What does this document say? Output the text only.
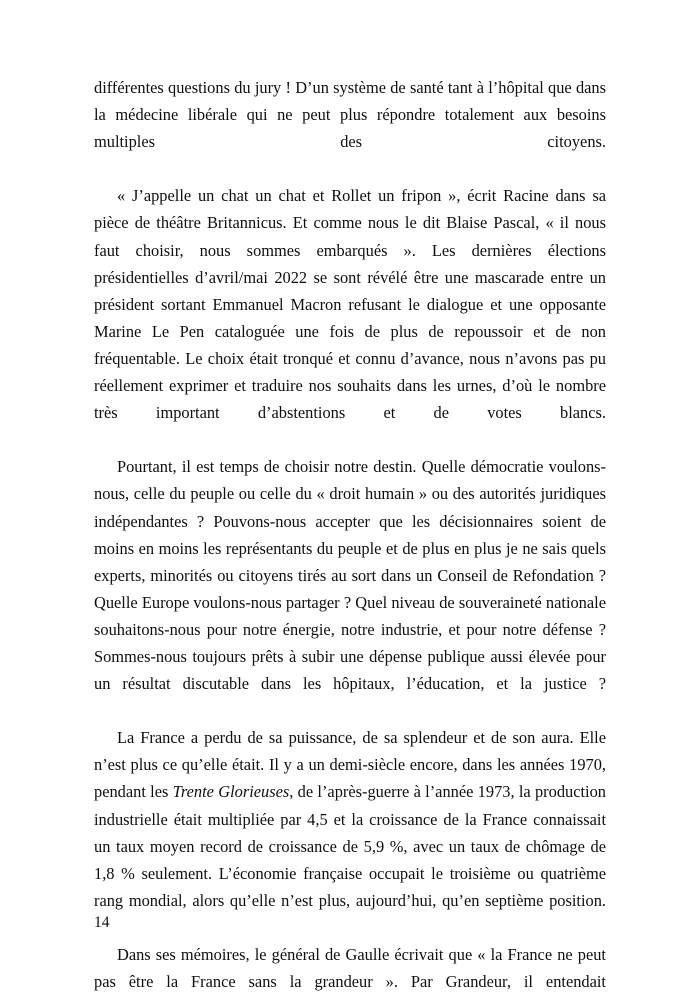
différentes questions du jury ! D’un système de santé tant à l’hôpital que dans la médecine libérale qui ne peut plus répondre totalement aux besoins multiples des citoyens.

« J’appelle un chat un chat et Rollet un fripon », écrit Racine dans sa pièce de théâtre Britannicus. Et comme nous le dit Blaise Pascal, « il nous faut choisir, nous sommes embarqués ». Les dernières élections présidentielles d’avril/mai 2022 se sont révélé être une mascarade entre un président sortant Emmanuel Macron refusant le dialogue et une opposante Marine Le Pen cataloguée une fois de plus de repoussoir et de non fréquentable. Le choix était tronqué et connu d’avance, nous n’avons pas pu réellement exprimer et traduire nos souhaits dans les urnes, d’où le nombre très important d’abstentions et de votes blancs.

Pourtant, il est temps de choisir notre destin. Quelle démocratie voulons-nous, celle du peuple ou celle du « droit humain » ou des autorités juridiques indépendantes ? Pouvons-nous accepter que les décisionnaires soient de moins en moins les représentants du peuple et de plus en plus je ne sais quels experts, minorités ou citoyens tirés au sort dans un Conseil de Refondation ? Quelle Europe voulons-nous partager ? Quel niveau de souveraineté nationale souhaitons-nous pour notre énergie, notre industrie, et pour notre défense ? Sommes-nous toujours prêts à subir une dépense publique aussi élevée pour un résultat discutable dans les hôpitaux, l’éducation, et la justice ?

La France a perdu de sa puissance, de sa splendeur et de son aura. Elle n’est plus ce qu’elle était. Il y a un demi-siècle encore, dans les années 1970, pendant les Trente Glorieuses, de l’après-guerre à l’année 1973, la production industrielle était multipliée par 4,5 et la croissance de la France connaissait un taux moyen record de croissance de 5,9 %, avec un taux de chômage de 1,8 % seulement. L’économie française occupait le troisième ou quatrième rang mondial, alors qu’elle n’est plus, aujourd’hui, qu’en septième position.

Dans ses mémoires, le général de Gaulle écrivait que « la France ne peut pas être la France sans la grandeur ». Par Grandeur, il entendait

14
